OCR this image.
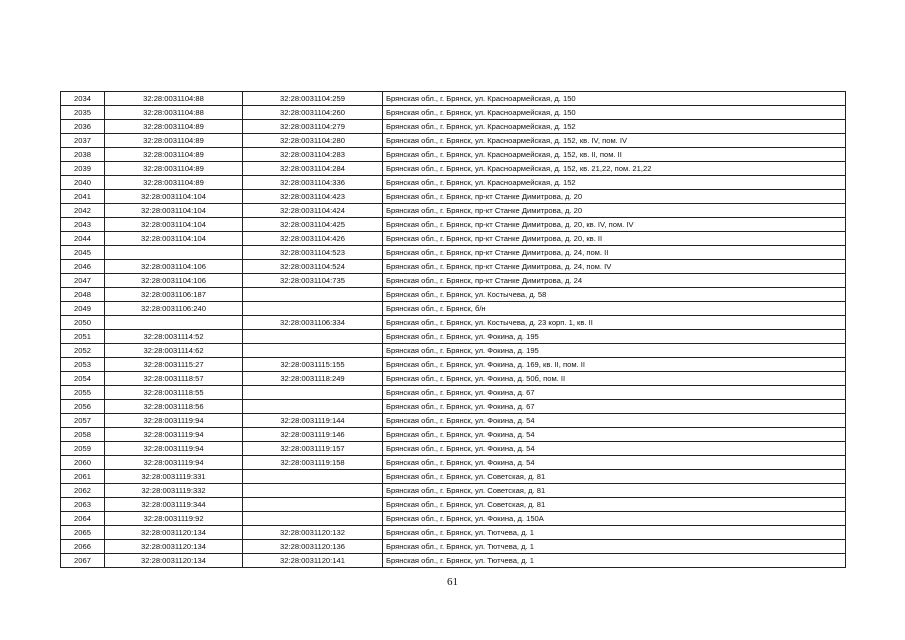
2034	32:28:0031104:88	32:28:0031104:259	Брянская обл., г. Брянск, ул. Красноармейская, д. 150
2035	32:28:0031104:88	32:28:0031104:260	Брянская обл., г. Брянск, ул. Красноармейская, д. 150
2036	32:28:0031104:89	32:28:0031104:279	Брянская обл., г. Брянск, ул. Красноармейская, д. 152
2037	32:28:0031104:89	32:28:0031104:280	Брянская обл., г. Брянск, ул. Красноармейская, д. 152, кв. IV, пом. IV
2038	32:28:0031104:89	32:28:0031104:283	Брянская обл., г. Брянск, ул. Красноармейская, д. 152, кв. II, пом. II
2039	32:28:0031104:89	32:28:0031104:284	Брянская обл., г. Брянск, ул. Красноармейская, д. 152, кв. 21,22, пом. 21,22
2040	32:28:0031104:89	32:28:0031104:336	Брянская обл., г. Брянск, ул. Красноармейская, д. 152
2041	32:28:0031104:104	32:28:0031104:423	Брянская обл., г. Брянск, пр-кт Станке Димитрова, д. 20
2042	32:28:0031104:104	32:28:0031104:424	Брянская обл., г. Брянск, пр-кт Станке Димитрова, д. 20
2043	32:28:0031104:104	32:28:0031104:425	Брянская обл., г. Брянск, пр-кт Станке Димитрова, д. 20, кв. IV, пом. IV
2044	32:28:0031104:104	32:28:0031104:426	Брянская обл., г. Брянск, пр-кт Станке Димитрова, д. 20, кв. II
2045		32:28:0031104:523	Брянская обл., г. Брянск, пр-кт Станке Димитрова, д. 24, пом. II
2046	32:28:0031104:106	32:28:0031104:524	Брянская обл., г. Брянск, пр-кт Станке Димитрова, д. 24, пом. IV
2047	32:28:0031104:106	32:28:0031104:735	Брянская обл., г. Брянск, пр-кт Станке Димитрова, д. 24
2048	32:28:0031106:187		Брянская обл., г. Брянск, ул. Костычева, д. 58
2049	32:28:0031106:240		Брянская обл., г. Брянск, б/н
2050		32:28:0031106:334	Брянская обл., г. Брянск, ул. Костычева, д. 23 корп. 1, кв. II
2051	32:28:0031114:52		Брянская обл., г. Брянск, ул. Фокина, д. 195
2052	32:28:0031114:62		Брянская обл., г. Брянск, ул. Фокина, д. 195
2053	32:28:0031115:27	32:28:0031115:155	Брянская обл., г. Брянск, ул. Фокина, д. 169, кв. II, пом. II
2054	32:28:0031118:57	32:28:0031118:249	Брянская обл., г. Брянск, ул. Фокина, д. 50б, пом. II
2055	32:28:0031118:55		Брянская обл., г. Брянск, ул. Фокина, д. 67
2056	32:28:0031118:56		Брянская обл., г. Брянск, ул. Фокина, д. 67
2057	32:28:0031119:94	32:28:0031119:144	Брянская обл., г. Брянск, ул. Фокина, д. 54
2058	32:28:0031119:94	32:28:0031119:146	Брянская обл., г. Брянск, ул. Фокина, д. 54
2059	32:28:0031119:94	32:28:0031119:157	Брянская обл., г. Брянск, ул. Фокина, д. 54
2060	32:28:0031119:94	32:28:0031119:158	Брянская обл., г. Брянск, ул. Фокина, д. 54
2061	32:28:0031119:331		Брянская обл., г. Брянск, ул. Советская, д. 81
2062	32:28:0031119:332		Брянская обл., г. Брянск, ул. Советская, д. 81
2063	32:28:0031119:344		Брянская обл., г. Брянск, ул. Советская, д. 81
2064	32:28:0031119:92		Брянская обл., г. Брянск, ул. Фокина, д. 150А
2065	32:28:0031120:134	32:28:0031120:132	Брянская обл., г. Брянск, ул. Тютчева, д. 1
2066	32:28:0031120:134	32:28:0031120:136	Брянская обл., г. Брянск, ул. Тютчева, д. 1
2067	32:28:0031120:134	32:28:0031120:141	Брянская обл., г. Брянск, ул. Тютчева, д. 1
61
